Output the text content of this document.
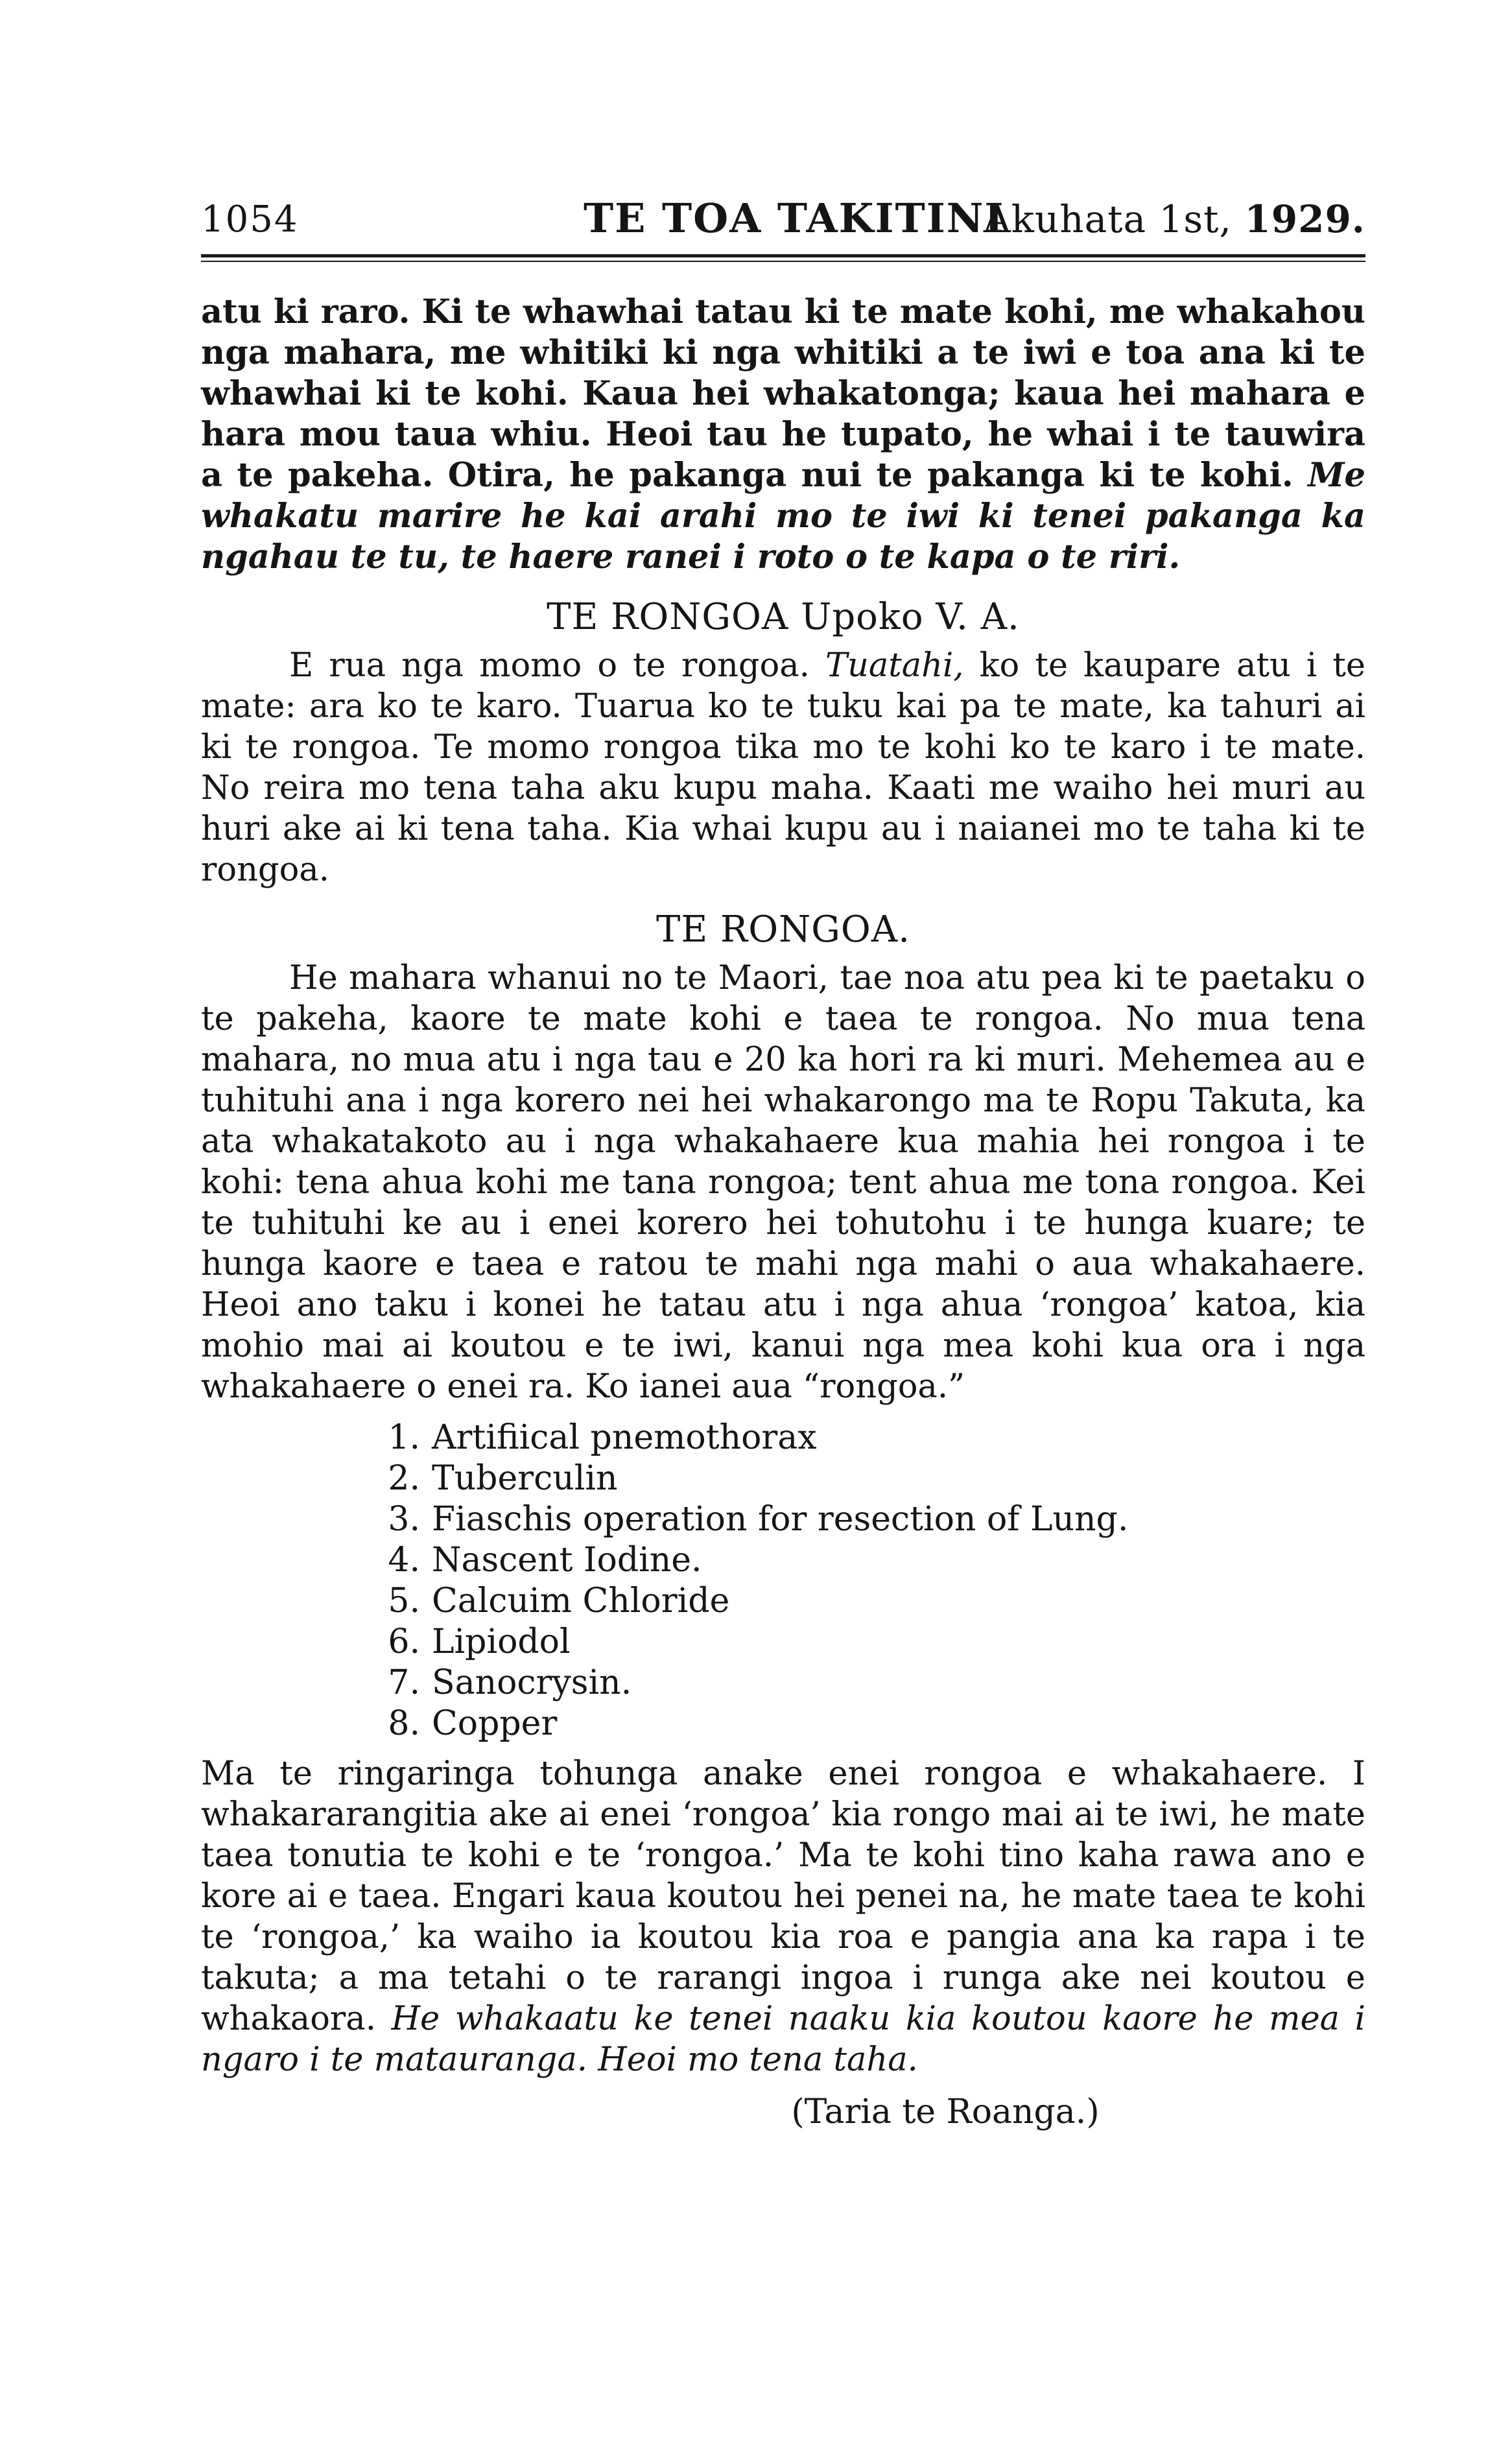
1054	TE TOA TAKITINI
Akuhata 1st, 1929.

atu ki raro. Ki te whawhai tatau ki te mate kohi, me whakahou nga mahara, me whitiki ki nga whitiki a te iwi e toa ana ki te whawhai ki te kohi. Kaua hei whakatonga; kaua hei mahara e hara mou taua whiu. Heoi tau he tupato, he whai i te tauwira a te pakeha. Otira, he pakanga nui te pakanga ki te kohi. Me whakatu marire he kai arahi mo te iwi ki tenei pakanga ka ngahau te tu, te haere ranei i roto o te kapa o te riri.

TE RONGOA Upoko V. A.

E rua nga momo o te rongoa. Tuatahi, ko te kaupare atu i te mate: ara ko te karo. Tuarua ko te tuku kai pa te mate, ka tahuri ai ki te rongoa. Te momo rongoa tika mo te kohi ko te karo i te mate. No reira mo tena taha aku kupu maha. Kaati me waiho hei muri au huri ake ai ki tena taha. Kia whai kupu au i naianei mo te taha ki te rongoa.

TE RONGOA.

He mahara whanui no te Maori, tae noa atu pea ki te paetaku o te pakeha, kaore te mate kohi e taea te rongoa. No mua tena mahara, no mua atu i nga tau e 20 ka hori ra ki muri. Mehemea au e tuhituhi ana i nga korero nei hei whakarongo ma te Ropu Takuta, ka ata whakatakoto au i nga whakahaere kua mahia hei rongoa i te kohi: tena ahua kohi me tana rongoa; tent ahua me tona rongoa. Kei te tuhituhi ke au i enei korero hei tohutohu i te hunga kuare; te hunga kaore e taea e ratou te mahi nga mahi o aua whakahaere. Heoi ano taku i konei he tatau atu i nga ahua ‘rongoa’ katoa, kia mohio mai ai koutou e te iwi, kanui nga mea kohi kua ora i nga whakahaere o enei ra. Ko ianei aua “rongoa.”

1. Artifiical pnemothorax
2. Tuberculin
3. Fiaschis operation for resection of Lung.
4. Nascent Iodine.
5. Calcuim Chloride
6. Lipiodol
7. Sanocrysin.
8. Copper

Ma te ringaringa tohunga anake enei rongoa e whakahaere. I whakararangitia ake ai enei ‘rongoa’ kia rongo mai ai te iwi, he mate taea tonutia te kohi e te ‘rongoa.’ Ma te kohi tino kaha rawa ano e kore ai e taea. Engari kaua koutou hei penei na, he mate taea te kohi te ‘rongoa,’ ka waiho ia koutou kia roa e pangia ana ka rapa i te takuta; a ma tetahi o te rarangi ingoa i runga ake nei koutou e whakaora. He whakaatu ke tenei naaku kia koutou kaore he mea i ngaro i te matauranga. Heoi mo tena taha.

(Taria te Roanga.)
